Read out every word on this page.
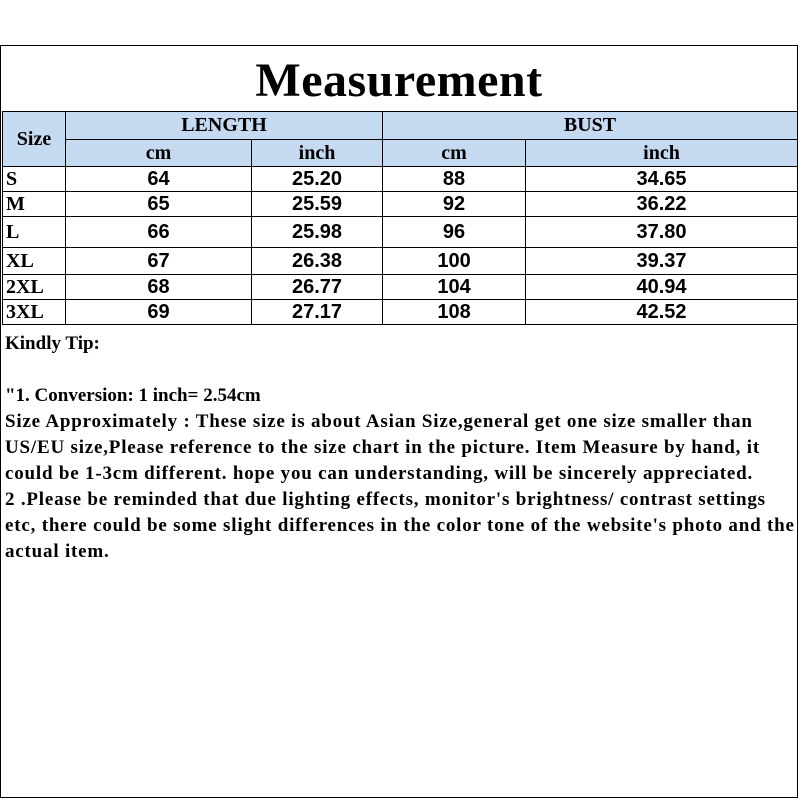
Measurement
Size	LENGTH		BUST	
	cm	inch	cm	inch
S	64	25.20	88	34.65
M	65	25.59	92	36.22
L	66	25.98	96	37.80
XL	67	26.38	100	39.37
2XL	68	26.77	104	40.94
3XL	69	27.17	108	42.52

Kindly Tip:

"1. Conversion: 1 inch= 2.54cm

Size Approximately : These size is about Asian Size,general get one size smaller than US/EU size,Please reference to the size chart in the picture. Item Measure by hand, it could be 1-3cm different. hope you can understanding, will be sincerely appreciated.

2 .Please be reminded that due lighting effects, monitor's brightness/ contrast settings etc, there could be some slight differences in the color tone of the website's photo and the actual item.
